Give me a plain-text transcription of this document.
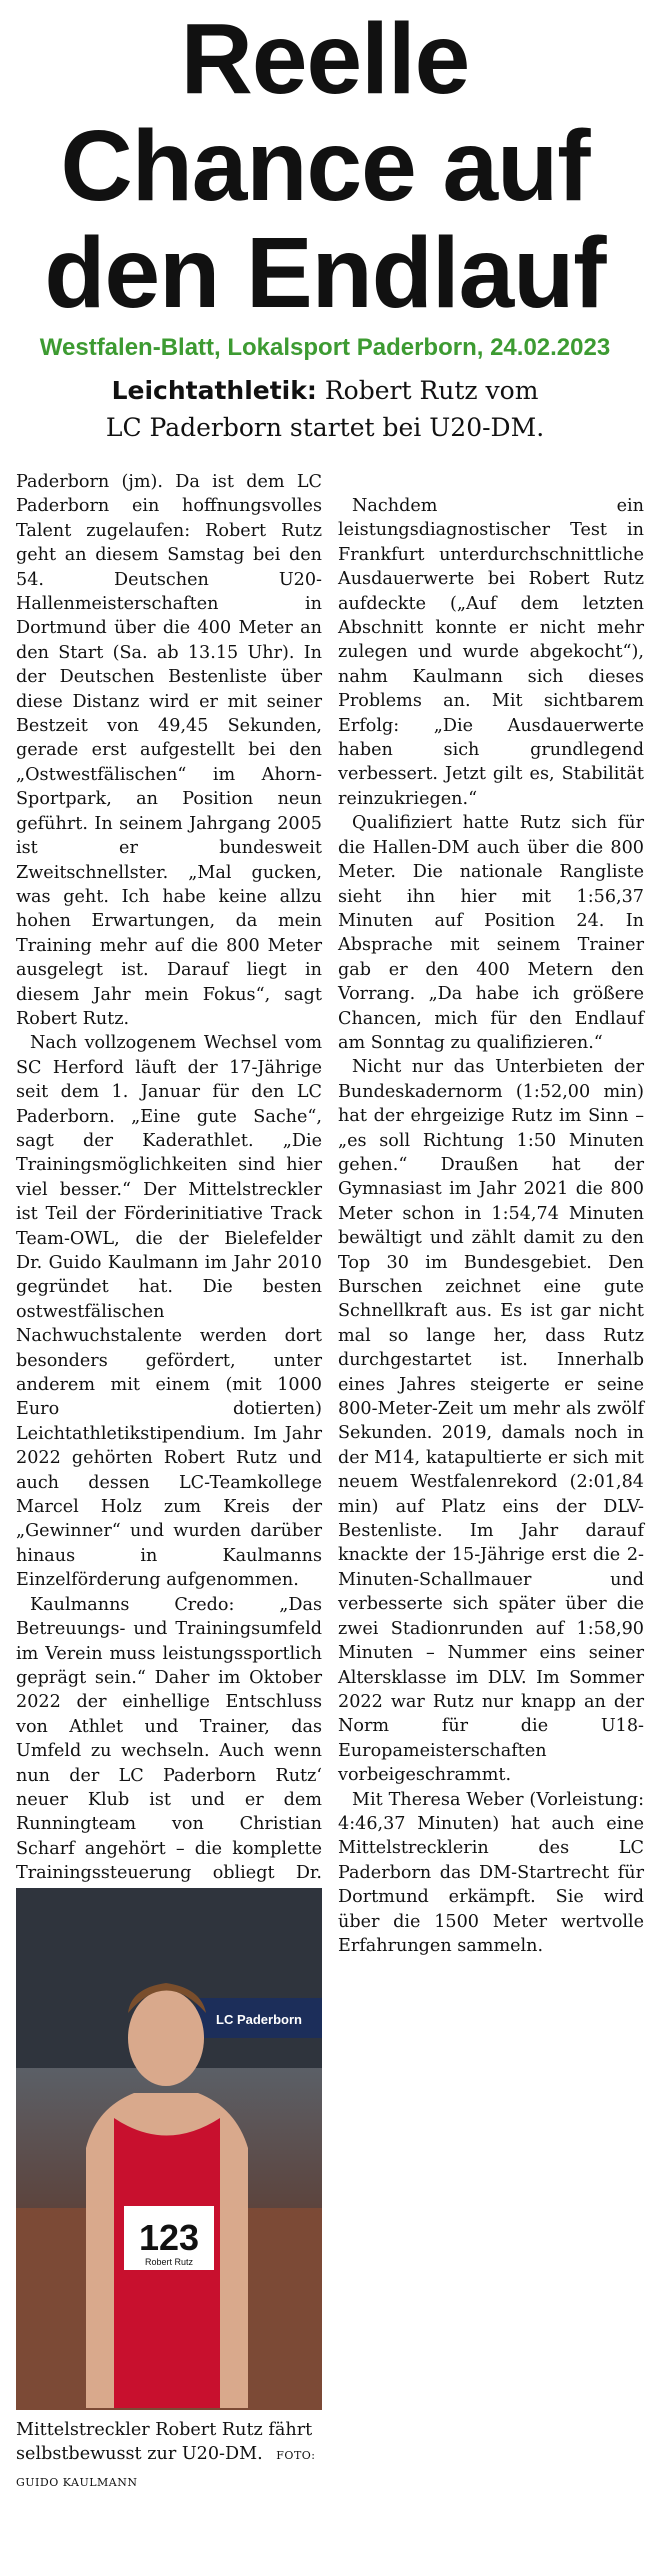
Reelle
Chance auf
den Endlauf
Westfalen-Blatt, Lokalsport Paderborn, 24.02.2023
Leichtathletik: Robert Rutz vom
LC Paderborn startet bei U20-DM.

Paderborn (jm). Da ist dem LC Paderborn ein hoffnungsvolles Talent zugelaufen: Robert Rutz geht an diesem Samstag bei den 54. Deutschen U20-Hallenmeisterschaften in Dortmund über die 400 Meter an den Start (Sa. ab 13.15 Uhr). In der Deutschen Bestenliste über diese Distanz wird er mit seiner Bestzeit von 49,45 Sekunden, gerade erst aufgestellt bei den „Ostwestfälischen“ im Ahorn-Sportpark, an Position neun geführt. In seinem Jahrgang 2005 ist er bundesweit Zweitschnellster. „Mal gucken, was geht. Ich habe keine allzu hohen Erwartungen, da mein Training mehr auf die 800 Meter ausgelegt ist. Darauf liegt in diesem Jahr mein Fokus“, sagt Robert Rutz.

Nach vollzogenem Wechsel vom SC Herford läuft der 17-Jährige seit dem 1. Januar für den LC Paderborn. „Eine gute Sache“, sagt der Kaderathlet. „Die Trainingsmöglichkeiten sind hier viel besser.“ Der Mittelstreckler ist Teil der Förderinitiative Track Team-OWL, die der Bielefelder Dr. Guido Kaulmann im Jahr 2010 gegründet hat. Die besten ostwestfälischen Nachwuchstalente werden dort besonders gefördert, unter anderem mit einem (mit 1000 Euro dotierten) Leichtathletikstipendium. Im Jahr 2022 gehörten Robert Rutz und auch dessen LC-Teamkollege Marcel Holz zum Kreis der „Gewinner“ und wurden darüber hinaus in Kaulmanns Einzelförderung aufgenommen.

Kaulmanns Credo: „Das Betreuungs- und Trainingsumfeld im Verein muss leistungssportlich geprägt sein.“ Daher im Oktober 2022 der einhellige Entschluss von Athlet und Trainer, das Umfeld zu wechseln. Auch wenn nun der LC Paderborn Rutz‘ neuer Klub ist und er dem Runningteam von Christian Scharf angehört – die komplette Trainingssteuerung obliegt Dr.

Nachdem ein leistungsdiagnostischer Test in Frankfurt unterdurchschnittliche Ausdauerwerte bei Robert Rutz aufdeckte („Auf dem letzten Abschnitt konnte er nicht mehr zulegen und wurde abgekocht“), nahm Kaulmann sich dieses Problems an. Mit sichtbarem Erfolg: „Die Ausdauerwerte haben sich grundlegend verbessert. Jetzt gilt es, Stabilität reinzukriegen.“

Qualifiziert hatte Rutz sich für die Hallen-DM auch über die 800 Meter. Die nationale Rangliste sieht ihn hier mit 1:56,37 Minuten auf Position 24. In Absprache mit seinem Trainer gab er den 400 Metern den Vorrang. „Da habe ich größere Chancen, mich für den Endlauf am Sonntag zu qualifizieren.“

Nicht nur das Unterbieten der Bundeskadernorm (1:52,00 min) hat der ehrgeizige Rutz im Sinn – „es soll Richtung 1:50 Minuten gehen.“ Draußen hat der Gymnasiast im Jahr 2021 die 800 Meter schon in 1:54,74 Minuten bewältigt und zählt damit zu den Top 30 im Bundesgebiet. Den Burschen zeichnet eine gute Schnellkraft aus. Es ist gar nicht mal so lange her, dass Rutz durchgestartet ist. Innerhalb eines Jahres steigerte er seine 800-Meter-Zeit um mehr als zwölf Sekunden. 2019, damals noch in der M14, katapultierte er sich mit neuem Westfalenrekord (2:01,84 min) auf Platz eins der DLV-Bestenliste. Im Jahr darauf knackte der 15-Jährige erst die 2-Minuten-Schallmauer und verbesserte sich später über die zwei Stadionrunden auf 1:58,90 Minuten – Nummer eins seiner Altersklasse im DLV. Im Sommer 2022 war Rutz nur knapp an der Norm für die U18-Europameisterschaften vorbeigeschrammt.

Mit Theresa Weber (Vorleistung: 4:46,37 Minuten) hat auch eine Mittelstrecklerin des LC Paderborn das DM-Startrecht für Dortmund erkämpft. Sie wird über die 1500 Meter wertvolle Erfahrungen sammeln.

LC Paderborn
123
Robert Rutz
Mittelstreckler Robert Rutz fährt selbstbewusst zur U20-DM. FOTO: GUIDO KAULMANN
